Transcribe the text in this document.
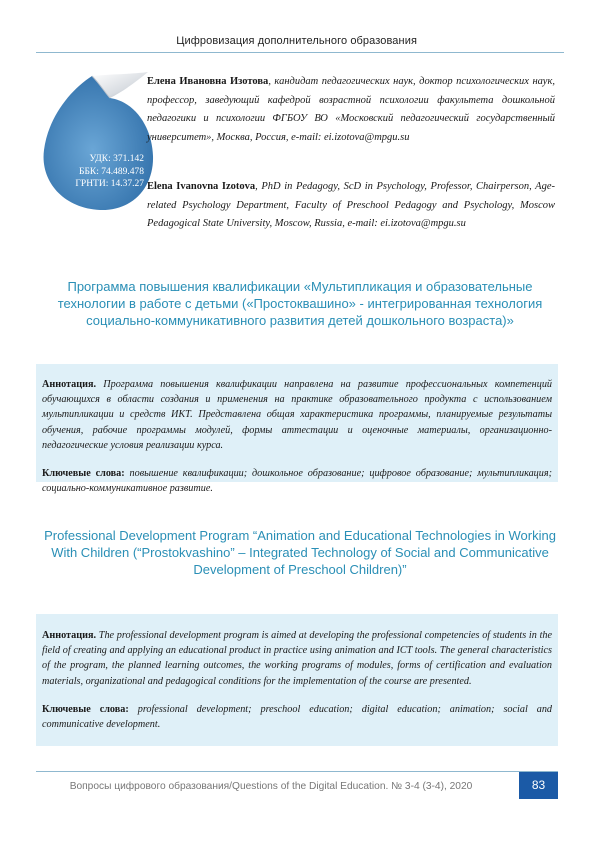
Цифровизация дополнительного образования
УДК: 371.142
ББК: 74.489.478
ГРНТИ: 14.37.27
Елена Ивановна Изотова, кандидат педагогических наук, доктор психологических наук, профессор, заведующий кафедрой возрастной психологии факультета дошкольной педагогики и психологии ФГБОУ ВО «Московский педагогический государственный университет», Москва, Россия, e-mail: ei.izotova@mpgu.su
Elena Ivanovna Izotova, PhD in Pedagogy, ScD in Psychology, Professor, Chairperson, Age-related Psychology Department, Faculty of Preschool Pedagogy and Psychology, Moscow Pedagogical State University, Moscow, Russia, e-mail: ei.izotova@mpgu.su
Программа повышения квалификации «Мультипликация и образовательные технологии в работе с детьми («Простоквашино» - интегрированная технология социально-коммуникативного развития детей дошкольного возраста)»

Аннотация. Программа повышения квалификации направлена на развитие профессиональных компетенций обучающихся в области создания и применения на практике образовательного продукта с использованием мультипликации и средств ИКТ. Представлена общая характеристика программы, планируемые результаты обучения, рабочие программы модулей, формы аттестации и оценочные материалы, организационно-педагогические условия реализации курса.

Ключевые слова: повышение квалификации; дошкольное образование; цифровое образование; мультипликация; социально-коммуникативное развитие.

Professional Development Program “Animation and Educational Technologies in Working With Children (“Prostokvashino” – Integrated Technology of Social and Communicative Development of Preschool Children)”

Аннотация. The professional development program is aimed at developing the professional competencies of students in the field of creating and applying an educational product in practice using animation and ICT tools. The general characteristics of the program, the planned learning outcomes, the working programs of modules, forms of certification and evaluation materials, organizational and pedagogical conditions for the implementation of the course are presented.

Ключевые слова: professional development; preschool education; digital education; animation; social and communicative development.

Вопросы цифрового образования/Questions of the Digital Education. № 3-4 (3-4), 2020	83
